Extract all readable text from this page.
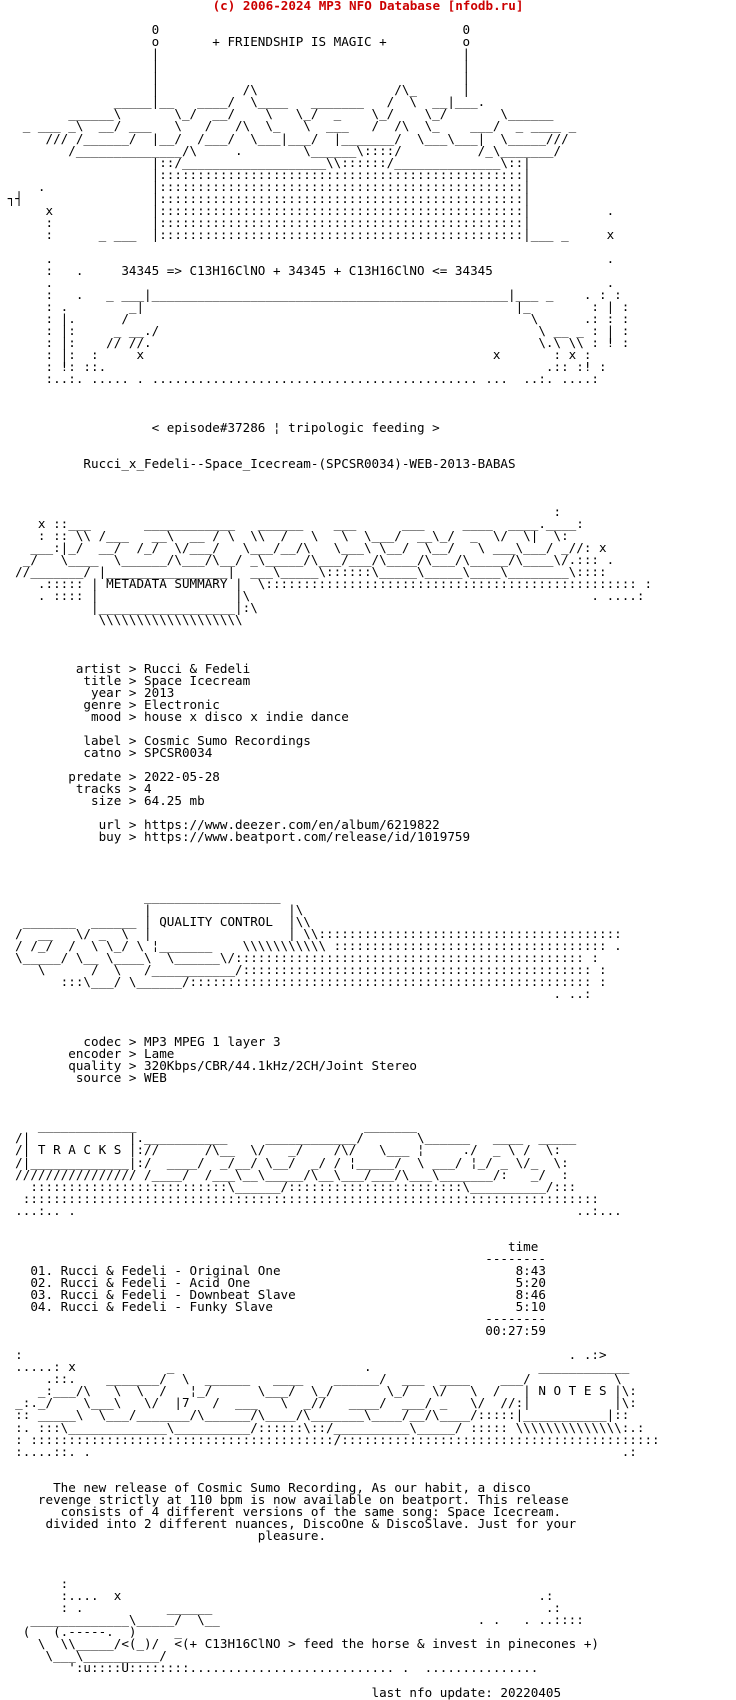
(c) 2006-2024 MP3 NFO Database [nfodb.ru]
0                                        0
o       + FRIENDSHIP IS MAGIC +          o
|                                        |
|                                        |
|                                        |
|           /\                  /\_      |
_____|__   ____/  \____   _______   /  \  __|___.
______\       \_/  __/    \   \_/  _    \_/    \_/       \______
_ ___ _\  __/ ___   \   /   /\  \_   \  ___   /  /\  \_    ___/  _ ____ _
/// /______/  |__/  /___/  \___|___/  |_______/  \___\___|  \_____///
/______________/\     .        \______\::::/          /_\_______/
|::/___________________\\::::::/______________\::|
|::::::::::::::::::::::::::::::::::::::::::::::::|
.              |::::::::::::::::::::::::::::::::::::::::::::::::|
┐┤                 |::::::::::::::::::::::::::::::::::::::::::::::::|
x             |::::::::::::::::::::::::::::::::::::::::::::::::|          .
:             |::::::::::::::::::::::::::::::::::::::::::::::::|
:      _ ___  |::::::::::::::::::::::::::::::::::::::::::::::::|___ _     x
.                                                                         .
:   .     34345 => C13H16ClNO + 34345 + C13H16ClNO <= 34345
.                                                                         .
:   .   _ ___|_______________________________________________|___ _    . : :
: .        _|                                                 |_        : | :
: |.      /                                                     \      .: : :
: |:     _ __./                                                  \ __ _ : | :
: |:    // //.                                                   \.\ \\ : ! :
: |:  :     x                                              x       : x :
: !: ::.                                                          .:: :! :
:..:. ..... . ........................................... ...  ..:. ....:
< episode#37286 ¦ tripologic feeding >
Rucci_x_Fedeli--Space_Icecream-(SPCSR0034)-WEB-2013-BABAS
:
x ::___       ____________   ______    ___      ___     ____  ____.____:
: :: \\ /___   __\  __ / \  \\  /   \   \  \___/  __\_/  _  \/  \|  \:
___:|_/  __/  /_/  \/___/   \___/__/\   \___\ \__/  \__/   \ ___\___/ _//: x
_/   \____  \______/\___/\__/ _\_____/\___/___/\____/\___/\_____/\____\/.::: .
//_______/ |________________|  ___\_____\::::::\_____\_____\____\________\::::
.::::: | METADATA SUMMARY |  \::::::::::::::::::::::::::::::::::::::::::::::::: :
. :::: |                  |\                                             . ....:
|__________________|:\
\\\\\\\\\\\\\\\\\\\
artist > Rucci & Fedeli
title > Space Icecream
year > 2013
genre > Electronic
mood > house x disco x indie dance
label > Cosmic Sumo Recordings
catno > SPCSR0034
predate > 2022-05-28
tracks > 4
size > 64.25 mb
url > https://www.deezer.com/en/album/6219822
buy > https://www.beatport.com/release/id/1019759
__________________
|                  |\
_______  ______ | QUALITY CONTROL  |\\
/  __   \/ _  \  |                  | \\::::::::::::::::::::::::::::::::::::::::
/ /_/  /  \ \_/ \ ¦_______    \\\\\\\\\\\ :::::::::::::::::::::::::::::::::::: .
\_____/ \__ \____\  \______\/:::::::::::::::::::::::::::::::::::::::::::::: :
\      /  \   /___________/:::::::::::::::::::::::::::::::::::::::::::::: :
:::\___/ \______/::::::::::::::::::::::::::::::::::::::::::::::::::::: :
. ..:
codec > MP3 MPEG 1 layer 3
encoder > Lame
quality > 320Kbps/CBR/44.1kHz/2CH/Joint Stereo
source > WEB
_____________                              _______
/|             |.___________     ____________/       \______   ____  _____
/| T R A C K S |://      /\__  \/   _/    /\/   \___ ¦     ./  _ \ /  \:
/|_____________|:/  ____/  _/__/ \__/  _/ / ¦_____/  \ ___/ ¦_/ _ \/_  \:
//////////////// /____/  /___\__\_____/\__\___/___/\___\_______/:   _/  :
::::::::::::::::::::::::::\______/:::::::::::::::::::::::\__________/:::
::::::::::::::::::::::::::::::::::::::::::::::::::::::::::::::::::::::::::::
...:.. .                                                                  ..:...
time
--------
01. Rucci & Fedeli - Original One                               8:43
02. Rucci & Fedeli - Acid One                                   5:20
03. Rucci & Fedeli - Downbeat Slave                             8:46
04. Rucci & Fedeli - Funky Slave                                5:10
--------
00:27:59
:                                                                        . .:>
.....: x            _                         .                      ____________
.::.    _______/  \  ______   ____    ______/  ___  ____    ___/           \
_:___/\   \  \  /   ¦_/      \___/  \_/       \_/   \/   \  /   | N O T E S |\:
_:._/    \___\   \/  |7   /  ___   \  _//   ____/  ___/ _   \/  //:|           |\:
:: _____\  \___/_______/\______/\____/\_______\____/__/\____/:::::|___________|::
:. :::\_____________\__________/::::::\::/__________\_____/ ::::: \\\\\\\\\\\\\\:.:
: ::::::::::::::::::::::::::::::::::::::::/::::::::::::::::::::::::::::::::::::::::::
:....::. .                                                                      .:
The new release of Cosmic Sumo Recording, As our habit, a disco
revenge strictly at 110 bpm is now available on beatport. This release
consists of 4 different versions of the same song: Space Icecream.
divided into 2 different nuances, DiscoOne & DiscoSlave. Just for your
pleasure.
:
:....  x                                                       .:
: .           ______                                            .:
_____________\_____/  \__                                  . .   . ..::::
(   (.-----.  )     _
\  \\_____/<(_)/  <(+ C13H16ClNO > feed the horse & invest in pinecones +)
\___\__________/
':u::::U::::::::........................... .  ...............
last nfo update: 20220405
